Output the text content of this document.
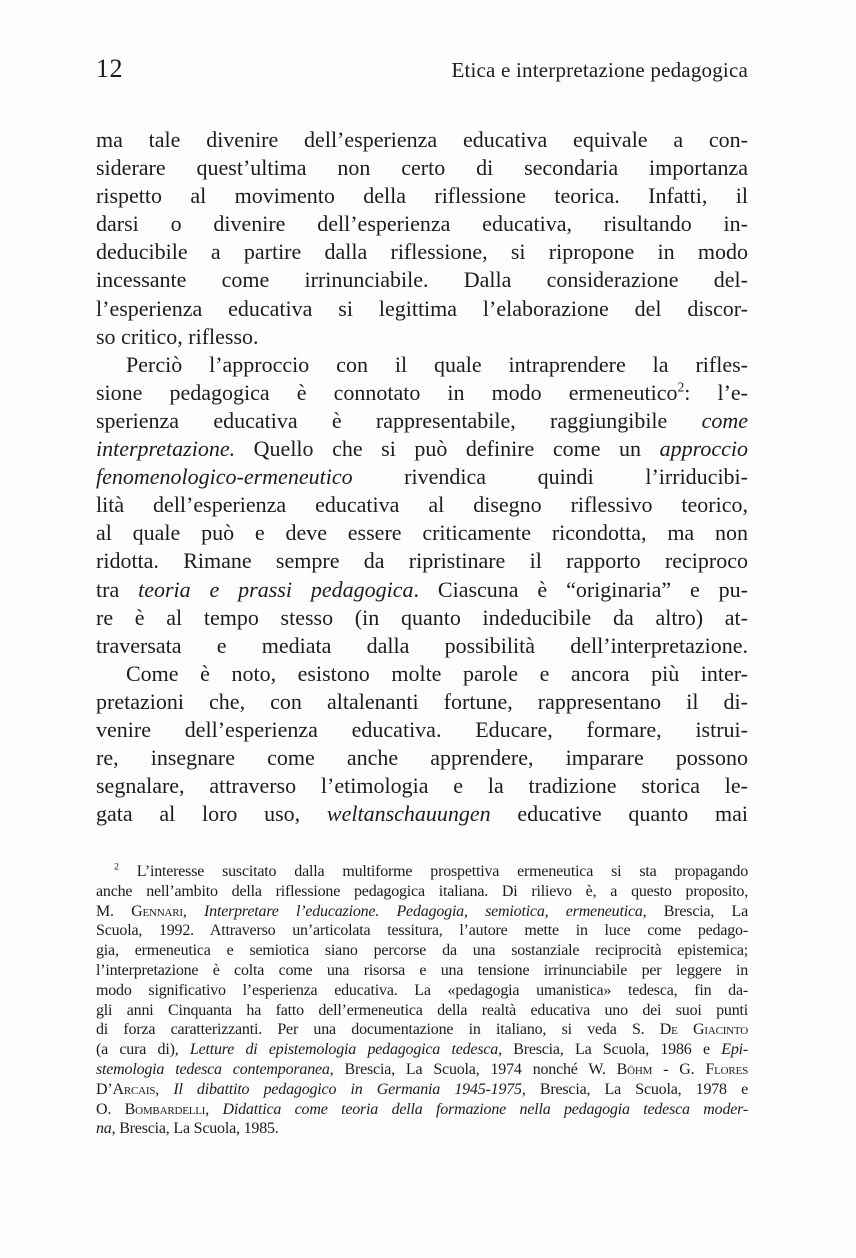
12	Etica e interpretazione pedagogica
ma tale divenire dell’esperienza educativa equivale a con-
siderare quest’ultima non certo di secondaria importanza
rispetto al movimento della riflessione teorica. Infatti, il
darsi o divenire dell’esperienza educativa, risultando in-
deducibile a partire dalla riflessione, si ripropone in modo
incessante come irrinunciabile. Dalla considerazione del-
l’esperienza educativa si legittima l’elaborazione del discor-
so critico, riflesso.
Perciò l’approccio con il quale intraprendere la rifles-
sione pedagogica è connotato in modo ermeneutico$^2$: l’e-
sperienza educativa è rappresentabile, raggiungibile come
interpretazione. Quello che si può definire come un approccio
fenomenologico-ermeneutico rivendica quindi l’irriducibi-
lità dell’esperienza educativa al disegno riflessivo teorico,
al quale può e deve essere criticamente ricondotta, ma non
ridotta. Rimane sempre da ripristinare il rapporto reciproco
tra teoria e prassi pedagogica. Ciascuna è “originaria” e pu-
re è al tempo stesso (in quanto indeducibile da altro) at-
traversata e mediata dalla possibilità dell’interpretazione.
Come è noto, esistono molte parole e ancora più inter-
pretazioni che, con altalenanti fortune, rappresentano il di-
venire dell’esperienza educativa. Educare, formare, istrui-
re, insegnare come anche apprendere, imparare possono
segnalare, attraverso l’etimologia e la tradizione storica le-
gata al loro uso, weltanschauungen educative quanto mai
$^2$ L’interesse suscitato dalla multiforme prospettiva ermeneutica si sta propagando
anche nell’ambito della riflessione pedagogica italiana. Di rilievo è, a questo proposito,
M. Gennari, Interpretare l’educazione. Pedagogia, semiotica, ermeneutica, Brescia, La
Scuola, 1992. Attraverso un’articolata tessitura, l’autore mette in luce come pedago-
gia, ermeneutica e semiotica siano percorse da una sostanziale reciprocità epistemica;
l’interpretazione è colta come una risorsa e una tensione irrinunciabile per leggere in
modo significativo l’esperienza educativa. La «pedagogia umanistica» tedesca, fin da-
gli anni Cinquanta ha fatto dell’ermeneutica della realtà educativa uno dei suoi punti
di forza caratterizzanti. Per una documentazione in italiano, si veda S. De Giacinto
(a cura di), Letture di epistemologia pedagogica tedesca, Brescia, La Scuola, 1986 e Epi-
stemologia tedesca contemporanea, Brescia, La Scuola, 1974 nonché W. Böhm - G. Flores
D’Arcais, Il dibattito pedagogico in Germania 1945-1975, Brescia, La Scuola, 1978 e
O. Bombardelli, Didattica come teoria della formazione nella pedagogia tedesca moder-
na, Brescia, La Scuola, 1985.
